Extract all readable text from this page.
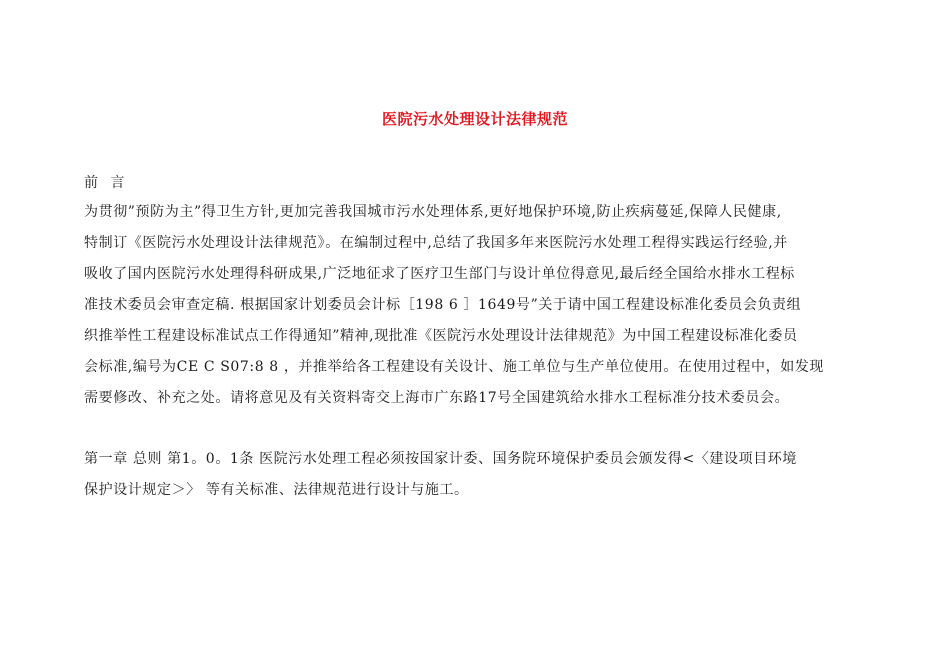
医院污水处理设计法律规范
前 言
为贯彻”预防为主”得卫生方针,更加完善我国城市污水处理体系,更好地保护环境,防止疾病蔓延,保障人民健康,
特制订《医院污水处理设计法律规范》。在编制过程中,总结了我国多年来医院污水处理工程得实践运行经验,并
吸收了国内医院污水处理得科研成果,广泛地征求了医疗卫生部门与设计单位得意见,最后经全国给水排水工程标
准技术委员会审查定稿. 根据国家计划委员会计标［198 6 ］1649号”关于请中国工程建设标准化委员会负责组
织推举性工程建设标准试点工作得通知”精神,现批准《医院污水处理设计法律规范》为中国工程建设标准化委员
会标准,编号为CE C S07:8 8 ，并推举给各工程建设有关设计、施工单位与生产单位使用。在使用过程中，如发现
需要修改、补充之处。请将意见及有关资料寄交上海市广东路17号全国建筑给水排水工程标准分技术委员会。
第一章 总则 第1。0。1条 医院污水处理工程必须按国家计委、国务院环境保护委员会颁发得<〈建设项目环境
保护设计规定＞〉 等有关标准、法律规范进行设计与施工。
